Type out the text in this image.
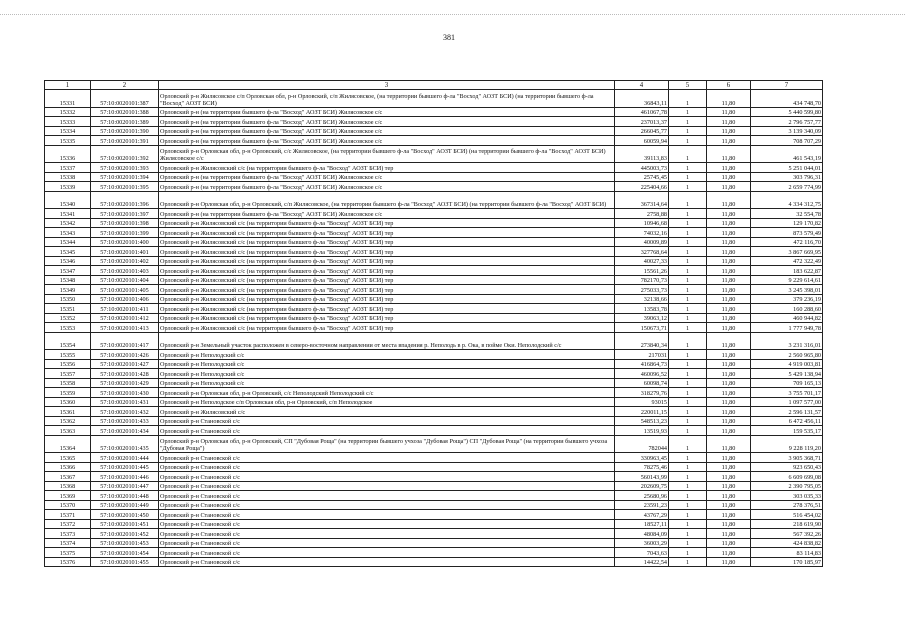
381
1	2	3	4	5	6	7
15331	57:10:0020101:387	Орловский р-н Жилясовское с/п Орловская обл, р-н Орловский, с/п Жилясовское, (на территории бывшего ф-ла "Восход" АОЗТ БСИ) (на территории бывшего ф-ла "Восход" АОЗТ БСИ)	36843,11	1	11,80	434 748,70
15332	57:10:0020101:388	Орловский р-н (на территории бывшего ф-ла "Восход" АОЗТ БСИ) Жилясовское с/с	461067,78	1	11,80	5 440 599,80
15333	57:10:0020101:389	Орловский р-н (на территории бывшего ф-ла "Восход" АОЗТ БСИ) Жилясовское с/с	237013,37	1	11,80	2 796 757,77
15334	57:10:0020101:390	Орловский р-н (на территории бывшего ф-ла "Восход" АОЗТ БСИ) Жилясовское с/с	266045,77	1	11,80	3 139 340,09
15335	57:10:0020101:391	Орловский р-н (на территории бывшего ф-ла "Восход" АОЗТ БСИ) Жилясовское с/с	60059,94	1	11,80	708 707,29
15336	57:10:0020101:392	Орловский р-н Орловская обл, р-н Орловский, с/с Жилясовское, (на территории бывшего ф-ла "Восход" АОЗТ БСИ) (на территории бывшего ф-ла "Восход" АОЗТ БСИ) Жилясовское с/с	39113,83	1	11,80	461 543,19
15337	57:10:0020101:393	Орловский р-н Жилясовский с/с (на территории бывшего ф-ла "Восход" АОЗТ БСИ) тер	445003,73	1	11,80	5 251 044,01
15338	57:10:0020101:394	Орловский р-н (на территории бывшего ф-ла "Восход" АОЗТ БСИ) Жилясовское с/с	25745,45	1	11,80	303 796,31
15339	57:10:0020101:395	Орловский р-н (на территории бывшего ф-ла "Восход" АОЗТ БСИ) Жилясовское с/с	225404,66	1	11,80	2 659 774,99
15340	57:10:0020101:396	Орловский р-н Орловская обл, р-н Орловский, с/п Жилясовское, (на территории бывшего ф-ла "Восход" АОЗТ БСИ) (на территории бывшего ф-ла "Восход" АОЗТ БСИ)	367314,64	1	11,80	4 334 312,75
15341	57:10:0020101:397	Орловский р-н (на территории бывшего ф-ла "Восход" АОЗТ БСИ) Жилясовское с/с	2758,88	1	11,80	32 554,78
15342	57:10:0020101:398	Орловский р-н Жилясовский с/с (на территории бывшего ф-ла "Восход" АОЗТ БСИ) тер	10946,68	1	11,80	129 170,82
15343	57:10:0020101:399	Орловский р-н Жилясовский с/с (на территории бывшего ф-ла "Восход" АОЗТ БСИ) тер	74032,16	1	11,80	873 579,49
15344	57:10:0020101:400	Орловский р-н Жилясовский с/с (на территории бывшего ф-ла "Восход" АОЗТ БСИ) тер	40009,89	1	11,80	472 116,70
15345	57:10:0020101:401	Орловский р-н Жилясовский с/с (на территории бывшего ф-ла "Восход" АОЗТ БСИ) тер	327768,64	1	11,80	3 867 669,95
15346	57:10:0020101:402	Орловский р-н Жилясовский с/с (на территории бывшего ф-ла "Восход" АОЗТ БСИ) тер	40027,33	1	11,80	472 322,49
15347	57:10:0020101:403	Орловский р-н Жилясовский с/с (на территории бывшего ф-ла "Восход" АОЗТ БСИ) тер	15561,26	1	11,80	183 622,87
15348	57:10:0020101:404	Орловский р-н Жилясовский с/с (на территории бывшего ф-ла "Восход" АОЗТ БСИ) тер	782170,73	1	11,80	9 229 614,61
15349	57:10:0020101:405	Орловский р-н Жилясовский с/с (на территории бывшего ф-ла "Восход" АОЗТ БСИ) тер	275033,73	1	11,80	3 245 398,01
15350	57:10:0020101:406	Орловский р-н Жилясовский с/с (на территории бывшего ф-ла "Восход" АОЗТ БСИ) тер	32138,66	1	11,80	379 236,19
15351	57:10:0020101:411	Орловский р-н Жилясовский с/с (на территории бывшего ф-ла "Восход" АОЗТ БСИ) тер	13583,78	1	11,80	160 288,60
15352	57:10:0020101:412	Орловский р-н Жилясовский с/с (на территории бывшего ф-ла "Восход" АОЗТ БСИ) тер	39063,12	1	11,80	460 944,82
15353	57:10:0020101:413	Орловский р-н Жилясовский с/с (на территории бывшего ф-ла "Восход" АОЗТ БСИ) тер	150673,71	1	11,80	1 777 949,78
15354	57:10:0020101:417	Орловский р-н Земельный участок расположен в северо-восточном направлении от места впадения р. Неполодь в р. Ока, в пойме Оки. Неполодский с/с	273840,34	1	11,80	3 231 316,01
15355	57:10:0020101:426	Орловский р-н Неполодский с/с	217031	1	11,80	2 560 965,80
15356	57:10:0020101:427	Орловский р-н Неполодский с/с	416864,73	1	11,80	4 919 003,81
15357	57:10:0020101:428	Орловский р-н Неполодский с/с	460096,52	1	11,80	5 429 138,94
15358	57:10:0020101:429	Орловский р-н Неполодский с/с	60098,74	1	11,80	709 165,13
15359	57:10:0020101:430	Орловский р-н Орловская обл, р-н Орловский, с/с Неполодский Неполодский с/с	318279,76	1	11,80	3 755 701,17
15360	57:10:0020101:431	Орловский р-н Неполодское с/п Орловская обл, р-н Орловский, с/п Неполодское	93015	1	11,80	1 097 577,00
15361	57:10:0020101:432	Орловский р-н Жилясовский с/с	220011,15	1	11,80	2 596 131,57
15362	57:10:0020101:433	Орловский р-н Становской с/с	548513,23	1	11,80	6 472 456,11
15363	57:10:0020101:434	Орловский р-н Становской с/с	13519,93	1	11,80	159 535,17
15364	57:10:0020101:435	Орловский р-н Орловская обл, р-н Орловский, СП "Дубовая Роща" (на территории бывшего учхоза "Дубовая Роща") СП "Дубовая Роща" (на территории бывшего учхоза "Дубовая Роща")	782044	1	11,80	9 228 119,20
15365	57:10:0020101:444	Орловский р-н Становской с/с	330963,45	1	11,80	3 905 368,71
15366	57:10:0020101:445	Орловский р-н Становской с/с	78275,46	1	11,80	923 650,43
15367	57:10:0020101:446	Орловский р-н Становской с/с	560143,99	1	11,80	6 609 699,08
15368	57:10:0020101:447	Орловский р-н Становской с/с	202609,75	1	11,80	2 390 795,05
15369	57:10:0020101:448	Орловский р-н Становской с/с	25680,96	1	11,80	303 035,33
15370	57:10:0020101:449	Орловский р-н Становской с/с	23591,23	1	11,80	278 376,51
15371	57:10:0020101:450	Орловский р-н Становской с/с	43767,29	1	11,80	516 454,02
15372	57:10:0020101:451	Орловский р-н Становской с/с	18527,11	1	11,80	218 619,90
15373	57:10:0020101:452	Орловский р-н Становской с/с	48084,09	1	11,80	567 392,26
15374	57:10:0020101:453	Орловский р-н Становской с/с	36003,29	1	11,80	424 838,82
15375	57:10:0020101:454	Орловский р-н Становской с/с	7043,63	1	11,80	83 114,83
15376	57:10:0020101:455	Орловский р-н Становской с/с	14422,54	1	11,80	170 185,97
